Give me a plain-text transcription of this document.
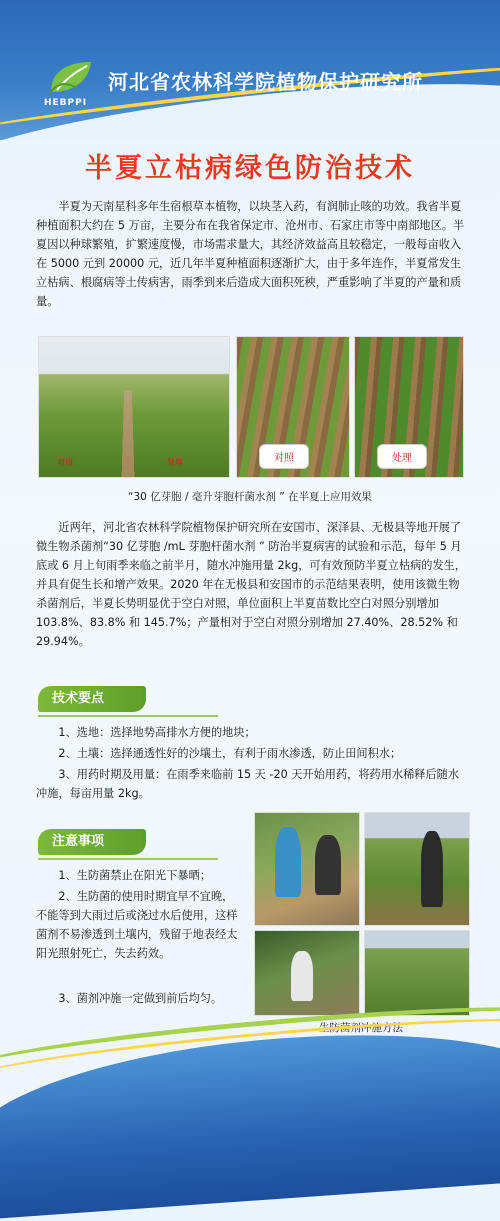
HEBPPI
河北省农林科学院植物保护研究所
半夏立枯病绿色防治技术

半夏为天南星科多年生宿根草本植物，以块茎入药，有润肺止咳的功效。我省半夏种植面积大约在 5 万亩，主要分布在我省保定市、沧州市、石家庄市等中南部地区。半夏因以种球繁殖，扩繁速度慢，市场需求量大，其经济效益高且较稳定，一般每亩收入在 5000 元到 20000 元，近几年半夏种植面积逐渐扩大，由于多年连作，半夏常发生立枯病、根腐病等土传病害，雨季到来后造成大面积死秧，严重影响了半夏的产量和质量。

对照	处理	对照	处理
“30 亿芽胞 / 毫升芽胞杆菌水剂 ” 在半夏上应用效果

近两年，河北省农林科学院植物保护研究所在安国市、深泽县、无极县等地开展了微生物杀菌剂“30 亿芽胞 /mL 芽胞杆菌水剂 ” 防治半夏病害的试验和示范，每年 5 月底或 6 月上旬雨季来临之前半月，随水冲施用量 2kg，可有效预防半夏立枯病的发生，并具有促生长和增产效果。2020 年在无极县和安国市的示范结果表明，使用该微生物杀菌剂后，半夏长势明显优于空白对照，单位面积上半夏苗数比空白对照分别增加 103.8%、83.8% 和 145.7%；产量相对于空白对照分别增加 27.40%、28.52% 和 29.94%。

技术要点

1、选地：选择地势高排水方便的地块；

2、土壤：选择通透性好的沙壤土，有利于雨水渗透，防止田间积水；

3、用药时期及用量：在雨季来临前 15 天 -20 天开始用药，将药用水稀释后随水冲施，每亩用量 2kg。

注意事项

1、生防菌禁止在阳光下暴晒；

2、生防菌的使用时期宜早不宜晚，不能等到大雨过后或浇过水后使用，这样菌剂不易渗透到土壤内，残留于地表经太阳光照射死亡，失去药效。

3、菌剂冲施一定做到前后均匀。

生防菌剂冲施方法
